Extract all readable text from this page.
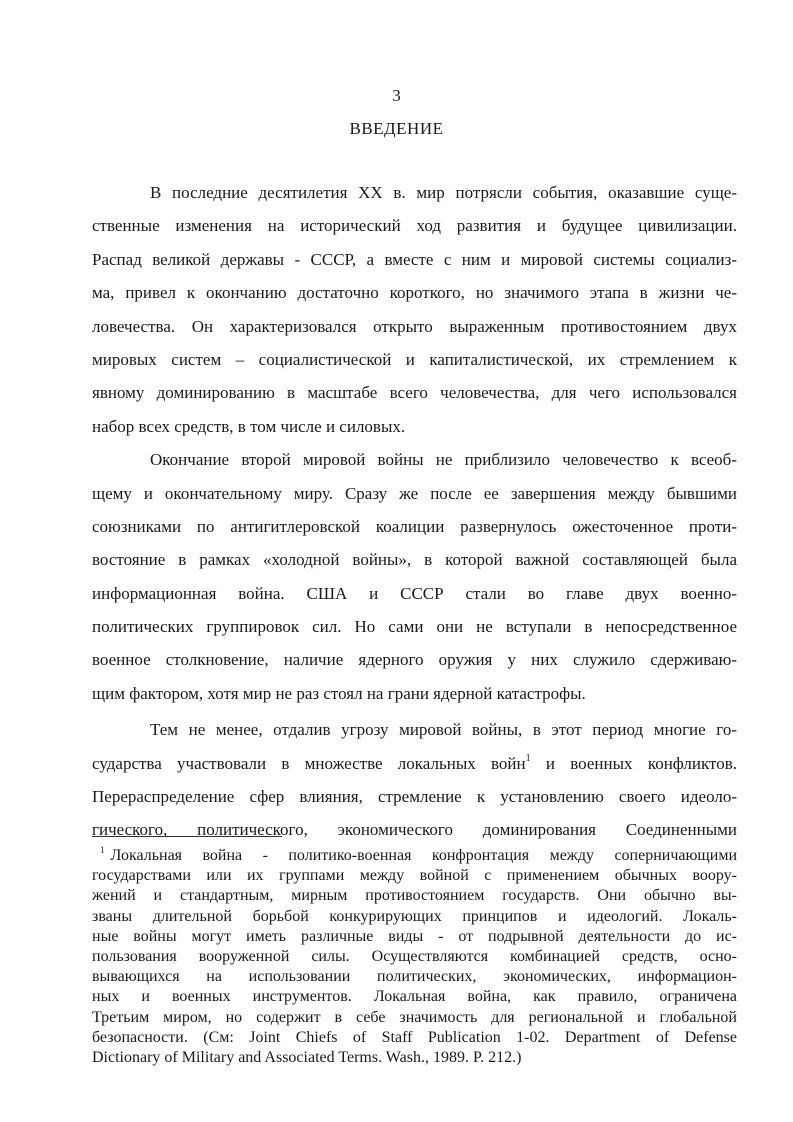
3
ВВЕДЕНИЕ
В последние десятилетия XX в. мир потрясли события, оказавшие суще-
ственные изменения на исторический ход развития и будущее цивилизации.
Распад великой державы - СССР, а вместе с ним и мировой системы социализ-
ма, привел к окончанию достаточно короткого, но значимого этапа в жизни че-
ловечества. Он характеризовался открыто выраженным противостоянием двух
мировых систем – социалистической и капиталистической, их стремлением к
явному доминированию в масштабе всего человечества, для чего использовался
набор всех средств, в том числе и силовых.
Окончание второй мировой войны не приблизило человечество к всеоб-
щему и окончательному миру. Сразу же после ее завершения между бывшими
союзниками по антигитлеровской коалиции развернулось ожесточенное проти-
востояние в рамках «холодной войны», в которой важной составляющей была
информационная война. США и СССР стали во главе двух военно-
политических группировок сил. Но сами они не вступали в непосредственное
военное столкновение, наличие ядерного оружия у них служило сдерживаю-
щим фактором, хотя мир не раз стоял на грани ядерной катастрофы.
Тем не менее, отдалив угрозу мировой войны, в этот период многие го-
сударства участвовали в множестве локальных войн$^1$ и военных конфликтов.
Перераспределение сфер влияния, стремление к установлению своего идеоло-
гического, политического, экономического доминирования Соединенными
$^1$ Локальная война - политико-военная конфронтация между соперничающими
государствами или их группами между войной с применением обычных воору-
жений и стандартным, мирным противостоянием государств. Они обычно вы-
званы длительной борьбой конкурирующих принципов и идеологий. Локаль-
ные войны могут иметь различные виды - от подрывной деятельности до ис-
пользования вооруженной силы. Осуществляются комбинацией средств, осно-
вывающихся на использовании политических, экономических, информацион-
ных и военных инструментов. Локальная война, как правило, ограничена
Третьим миром, но содержит в себе значимость для региональной и глобальной
безопасности. (См: Joint Chiefs of Staff Publication 1-02. Department of Defense
Dictionary of Military and Associated Terms. Wash., 1989. P. 212.)
